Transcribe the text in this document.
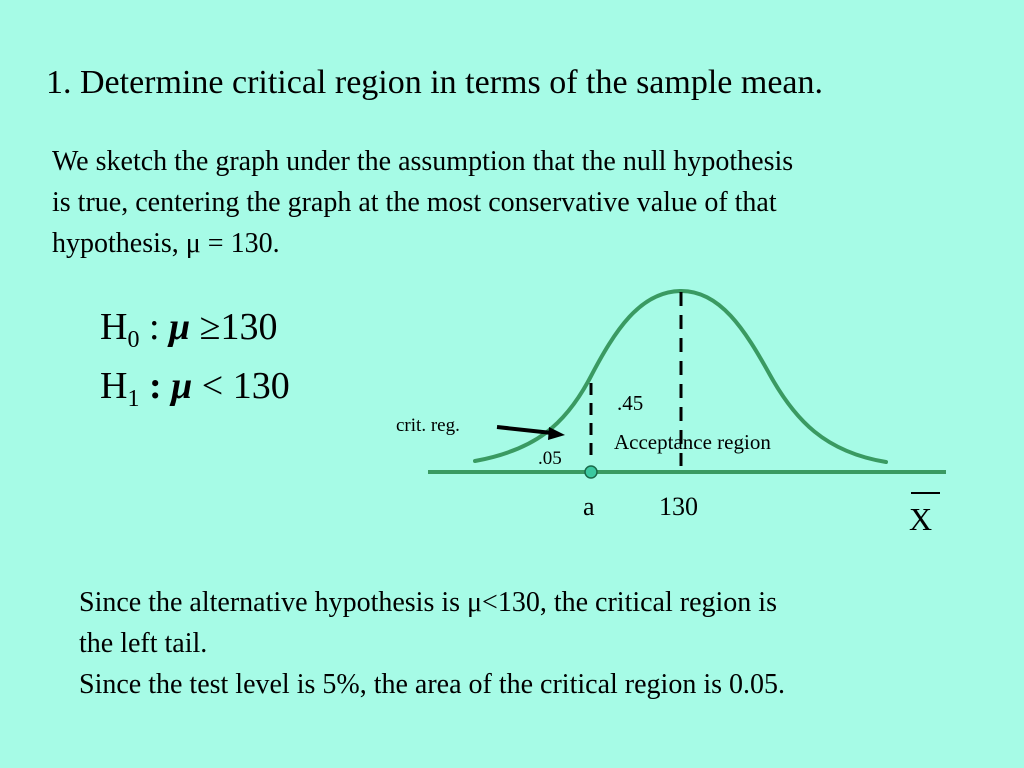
1. Determine critical region in terms of the sample mean.
We sketch the graph under the assumption that the null hypothesis
is true, centering the graph at the most conservative value of that
hypothesis, μ = 130.
$H_0$ : μ ≥130
$H_1$ : μ < 130
crit. reg.
.05
.45
Acceptance region
a 130	X
Since the alternative hypothesis is μ<130, the critical region is
the left tail.
Since the test level is 5%, the area of the critical region is 0.05.
